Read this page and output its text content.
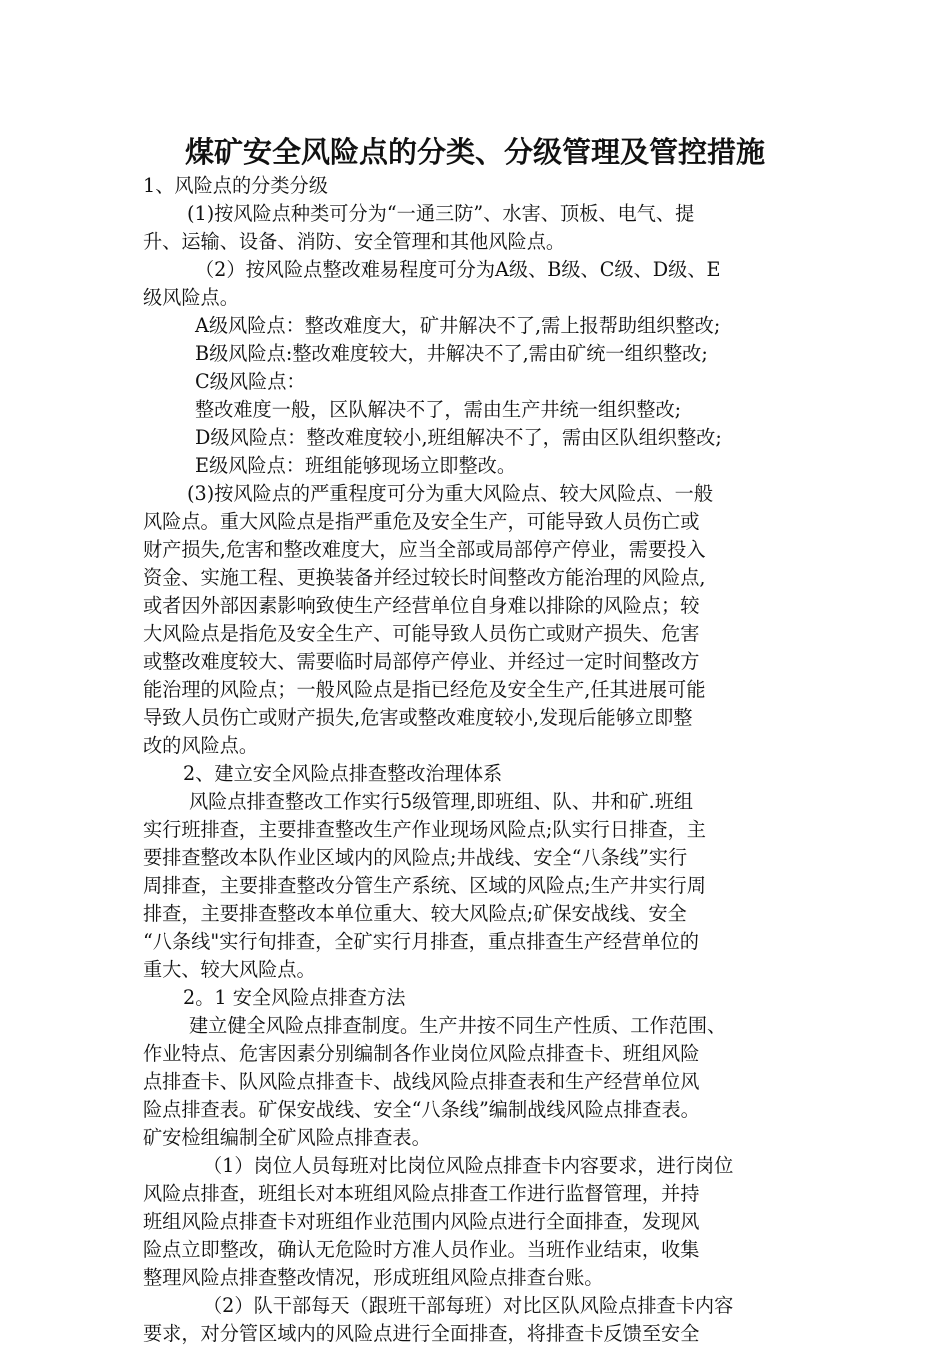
煤矿安全风险点的分类、分级管理及管控措施
1、风险点的分类分级
(1)按风险点种类可分为“一通三防”、水害、顶板、电气、提
升、运输、设备、消防、安全管理和其他风险点。
（2）按风险点整改难易程度可分为A级、B级、C级、D级、E
级风险点。
A级风险点：整改难度大，矿井解决不了,需上报帮助组织整改;
B级风险点:整改难度较大，井解决不了,需由矿统一组织整改;
C级风险点：
整改难度一般，区队解决不了，需由生产井统一组织整改;
D级风险点：整改难度较小,班组解决不了，需由区队组织整改;
E级风险点：班组能够现场立即整改。
(3)按风险点的严重程度可分为重大风险点、较大风险点、一般
风险点。重大风险点是指严重危及安全生产，可能导致人员伤亡或
财产损失,危害和整改难度大，应当全部或局部停产停业，需要投入
资金、实施工程、更换装备并经过较长时间整改方能治理的风险点,
或者因外部因素影响致使生产经营单位自身难以排除的风险点；较
大风险点是指危及安全生产、可能导致人员伤亡或财产损失、危害
或整改难度较大、需要临时局部停产停业、并经过一定时间整改方
能治理的风险点；一般风险点是指已经危及安全生产,任其进展可能
导致人员伤亡或财产损失,危害或整改难度较小,发现后能够立即整
改的风险点。
2、建立安全风险点排查整改治理体系
风险点排查整改工作实行5级管理,即班组、队、井和矿.班组
实行班排查，主要排查整改生产作业现场风险点;队实行日排查，主
要排查整改本队作业区域内的风险点;井战线、安全“八条线”实行
周排查，主要排查整改分管生产系统、区域的风险点;生产井实行周
排查，主要排查整改本单位重大、较大风险点;矿保安战线、安全
“八条线"实行旬排查，全矿实行月排查，重点排查生产经营单位的
重大、较大风险点。
2。1 安全风险点排查方法
建立健全风险点排查制度。生产井按不同生产性质、工作范围、
作业特点、危害因素分别编制各作业岗位风险点排查卡、班组风险
点排查卡、队风险点排查卡、战线风险点排查表和生产经营单位风
险点排查表。矿保安战线、安全“八条线”编制战线风险点排查表。
矿安检组编制全矿风险点排查表。
（1）岗位人员每班对比岗位风险点排查卡内容要求，进行岗位
风险点排查，班组长对本班组风险点排查工作进行监督管理，并持
班组风险点排查卡对班组作业范围内风险点进行全面排查，发现风
险点立即整改，确认无危险时方准人员作业。当班作业结束，收集
整理风险点排查整改情况，形成班组风险点排查台账。
（2）队干部每天（跟班干部每班）对比区队风险点排查卡内容
要求，对分管区域内的风险点进行全面排查，将排查卡反馈至安全
